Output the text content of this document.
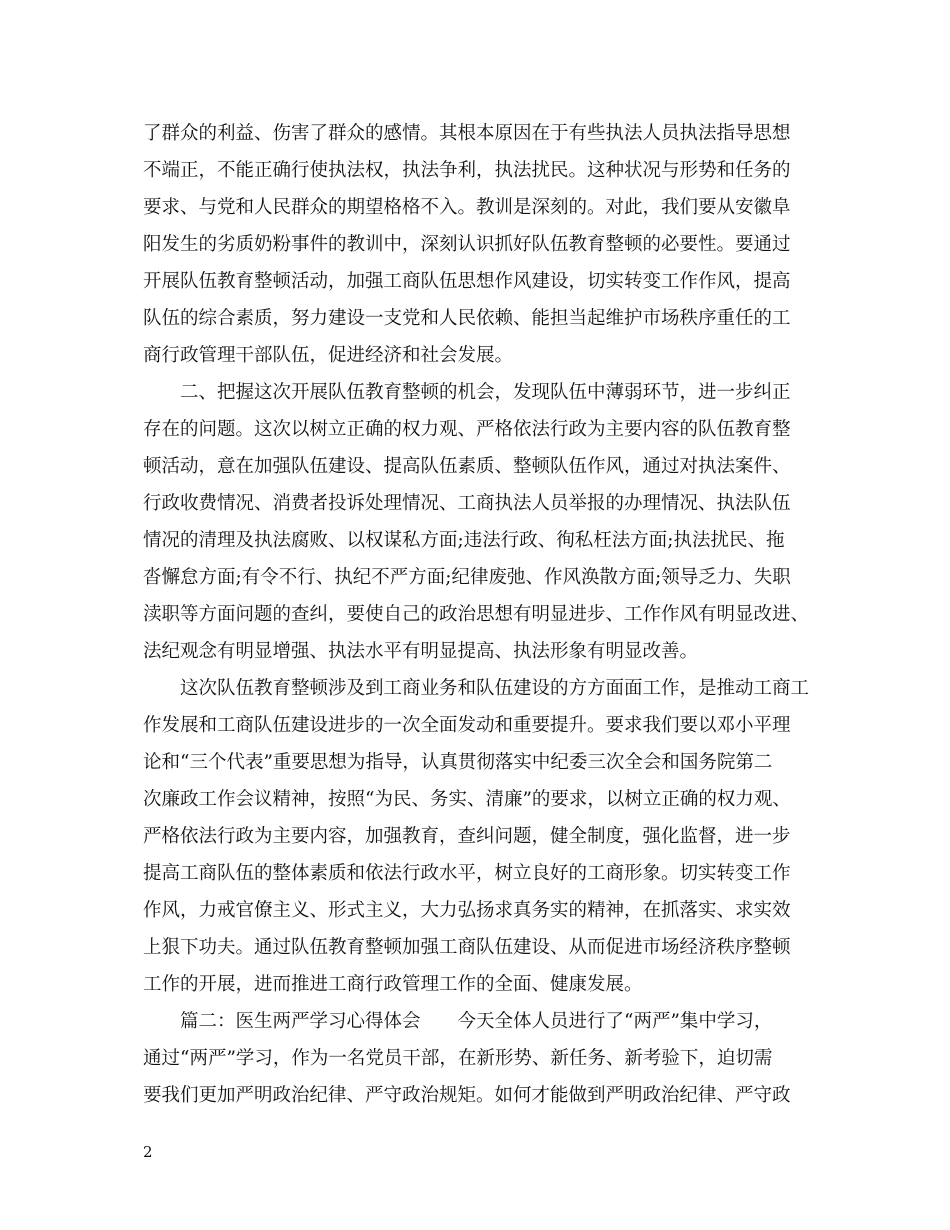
了群众的利益、伤害了群众的感情。其根本原因在于有些执法人员执法指导思想
不端正，不能正确行使执法权，执法争利，执法扰民。这种状况与形势和任务的
要求、与党和人民群众的期望格格不入。教训是深刻的。对此，我们要从安徽阜
阳发生的劣质奶粉事件的教训中，深刻认识抓好队伍教育整顿的必要性。要通过
开展队伍教育整顿活动，加强工商队伍思想作风建设，切实转变工作作风，提高
队伍的综合素质，努力建设一支党和人民依赖、能担当起维护市场秩序重任的工
商行政管理干部队伍，促进经济和社会发展。
二、把握这次开展队伍教育整顿的机会，发现队伍中薄弱环节，进一步纠正
存在的问题。这次以树立正确的权力观、严格依法行政为主要内容的队伍教育整
顿活动，意在加强队伍建设、提高队伍素质、整顿队伍作风，通过对执法案件、
行政收费情况、消费者投诉处理情况、工商执法人员举报的办理情况、执法队伍
情况的清理及执法腐败、以权谋私方面;违法行政、徇私枉法方面;执法扰民、拖
沓懈怠方面;有令不行、执纪不严方面;纪律废弛、作风涣散方面;领导乏力、失职
渎职等方面问题的查纠，要使自己的政治思想有明显进步、工作作风有明显改进、
法纪观念有明显增强、执法水平有明显提高、执法形象有明显改善。
这次队伍教育整顿涉及到工商业务和队伍建设的方方面面工作，是推动工商工
作发展和工商队伍建设进步的一次全面发动和重要提升。要求我们要以邓小平理
论和“三个代表”重要思想为指导，认真贯彻落实中纪委三次全会和国务院第二
次廉政工作会议精神，按照“为民、务实、清廉”的要求，以树立正确的权力观、
严格依法行政为主要内容，加强教育，查纠问题，健全制度，强化监督，进一步
提高工商队伍的整体素质和依法行政水平，树立良好的工商形象。切实转变工作
作风，力戒官僚主义、形式主义，大力弘扬求真务实的精神，在抓落实、求实效
上狠下功夫。通过队伍教育整顿加强工商队伍建设、从而促进市场经济秩序整顿
工作的开展，进而推进工商行政管理工作的全面、健康发展。
篇二：医生两严学习心得体会　　今天全体人员进行了“两严”集中学习，
通过“两严”学习，作为一名党员干部，在新形势、新任务、新考验下，迫切需
要我们更加严明政治纪律、严守政治规矩。如何才能做到严明政治纪律、严守政
2
